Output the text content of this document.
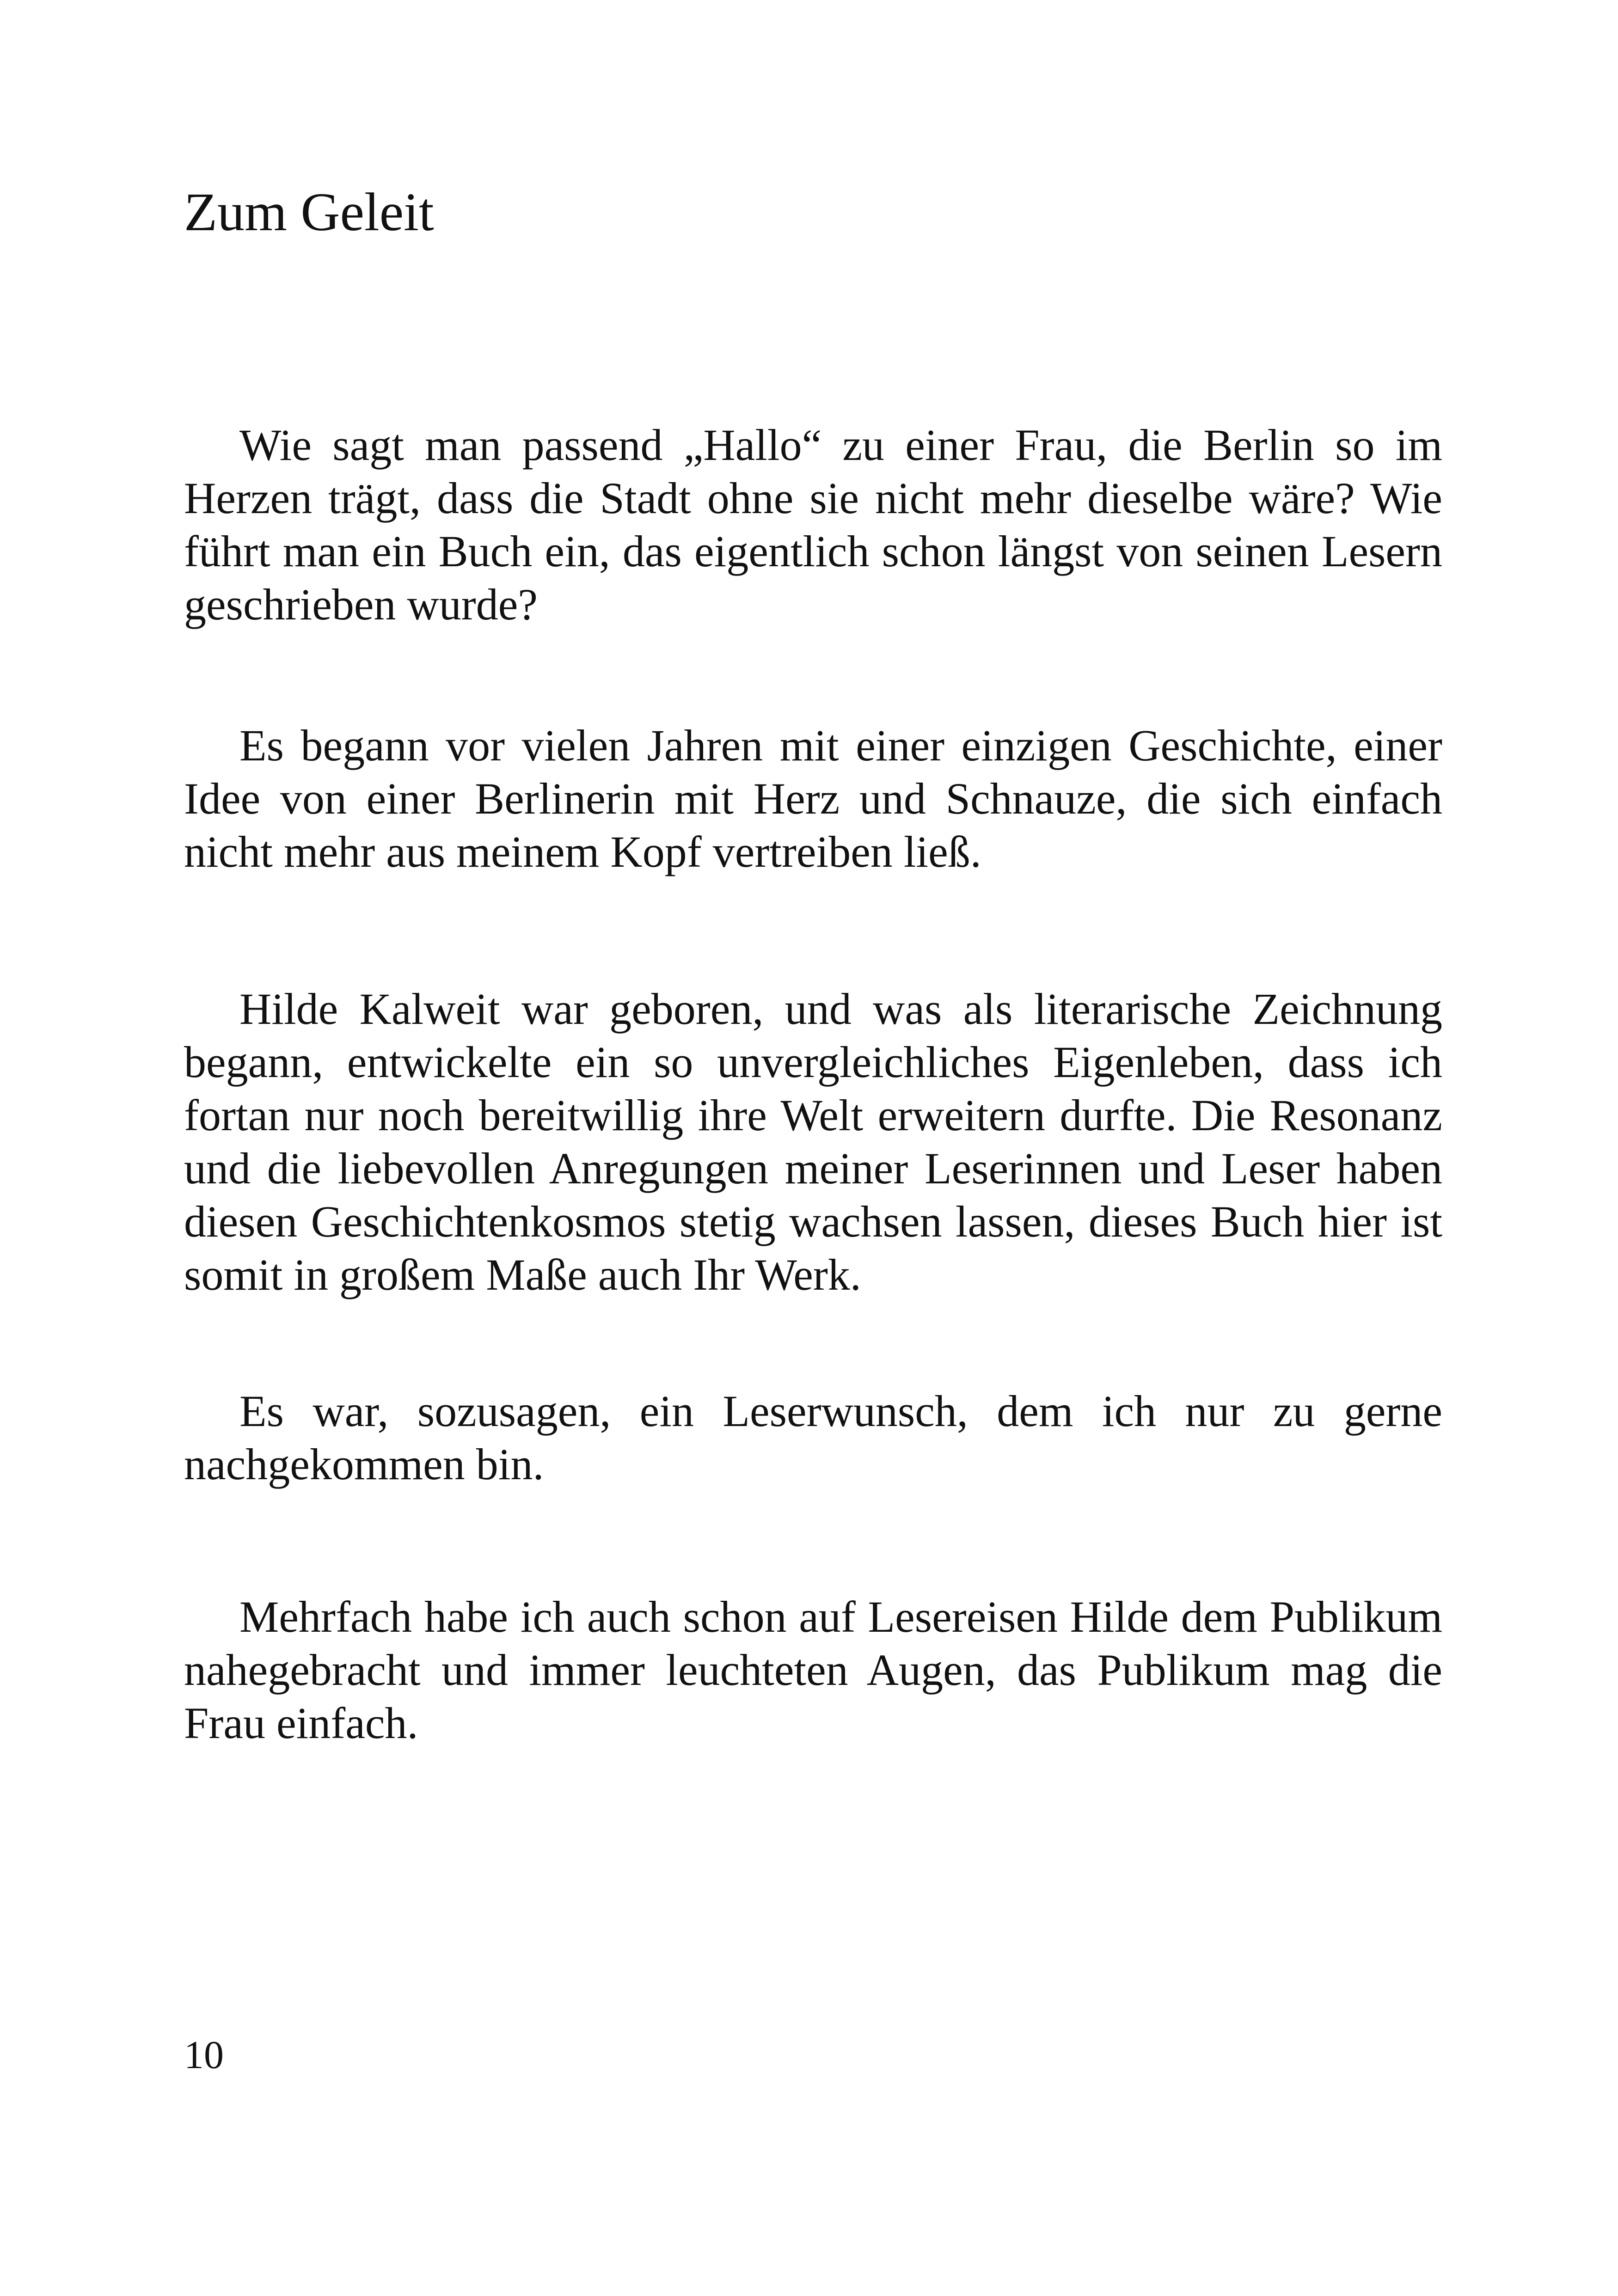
Zum Geleit

Wie sagt man passend „Hallo“ zu einer Frau, die Berlin so im Herzen trägt, dass die Stadt ohne sie nicht mehr dieselbe wäre? Wie führt man ein Buch ein, das eigentlich schon längst von seinen Lesern geschrieben wurde?

Es begann vor vielen Jahren mit einer einzigen Geschichte, einer Idee von einer Berlinerin mit Herz und Schnauze, die sich einfach nicht mehr aus meinem Kopf vertreiben ließ.

Hilde Kalweit war geboren, und was als literarische Zeichnung begann, entwickelte ein so unvergleichliches Eigenleben, dass ich fortan nur noch bereitwillig ihre Welt erweitern durfte. Die Resonanz und die liebevollen Anregungen meiner Leserinnen und Leser haben diesen Geschichtenkosmos stetig wachsen lassen, dieses Buch hier ist somit in großem Maße auch Ihr Werk.

Es war, sozusagen, ein Leserwunsch, dem ich nur zu gerne nachgekommen bin.

Mehrfach habe ich auch schon auf Lesereisen Hilde dem Publikum nahegebracht und immer leuchteten Augen, das Publikum mag die Frau einfach.

10
